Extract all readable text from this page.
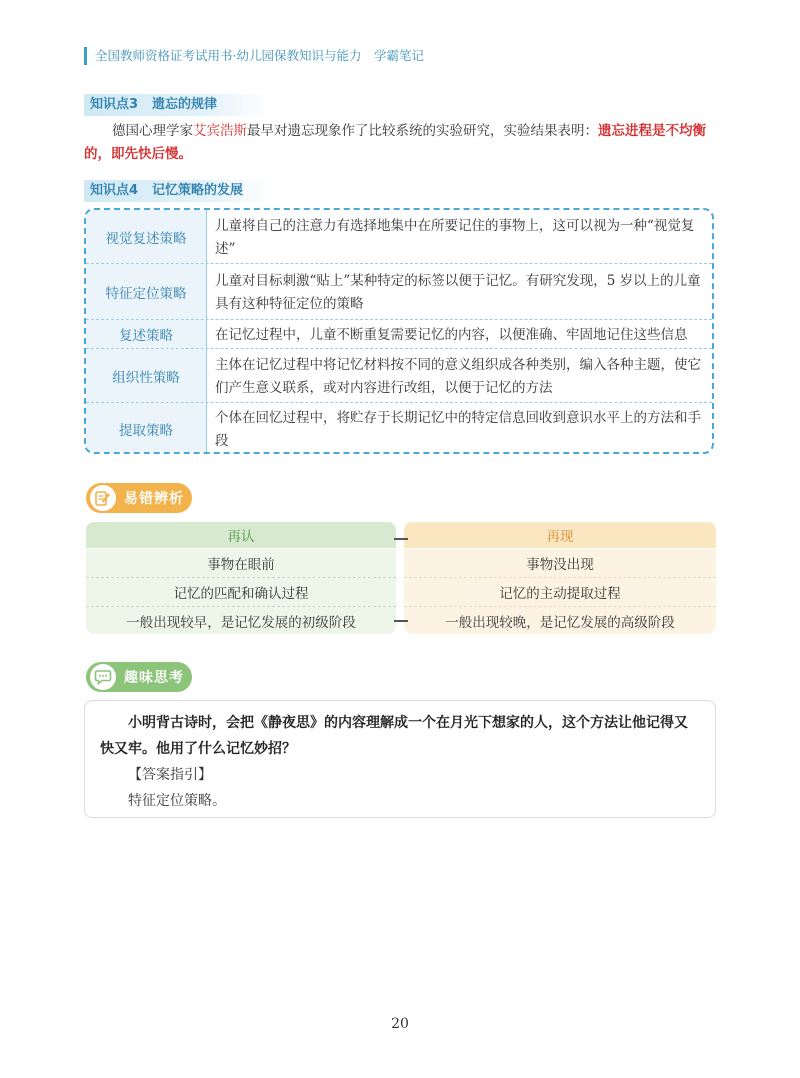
全国教师资格证考试用书·幼儿园保教知识与能力　学霸笔记
知识点3 遗忘的规律
德国心理学家艾宾浩斯最早对遗忘现象作了比较系统的实验研究，实验结果表明：遗忘进程是不均衡的，即先快后慢。
知识点4 记忆策略的发展
视觉复述策略
儿童将自己的注意力有选择地集中在所要记住的事物上，这可以视为一种“视觉复述”
特征定位策略
儿童对目标刺激“贴上”某种特定的标签以便于记忆。有研究发现，5 岁以上的儿童具有这种特征定位的策略
复述策略	在记忆过程中，儿童不断重复需要记忆的内容，以便准确、牢固地记住这些信息
组织性策略
主体在记忆过程中将记忆材料按不同的意义组织成各种类别，编入各种主题，使它们产生意义联系，或对内容进行改组，以便于记忆的方法
提取策略
个体在回忆过程中，将贮存于长期记忆中的特定信息回收到意识水平上的方法和手段
易错辨析
再认
事物在眼前
记忆的匹配和确认过程
一般出现较早，是记忆发展的初级阶段
再现
事物没出现
记忆的主动提取过程
一般出现较晚，是记忆发展的高级阶段
趣味思考
小明背古诗时，会把《静夜思》的内容理解成一个在月光下想家的人，这个方法让他记得又快又牢。他用了什么记忆妙招？
【答案指引】
特征定位策略。
20
